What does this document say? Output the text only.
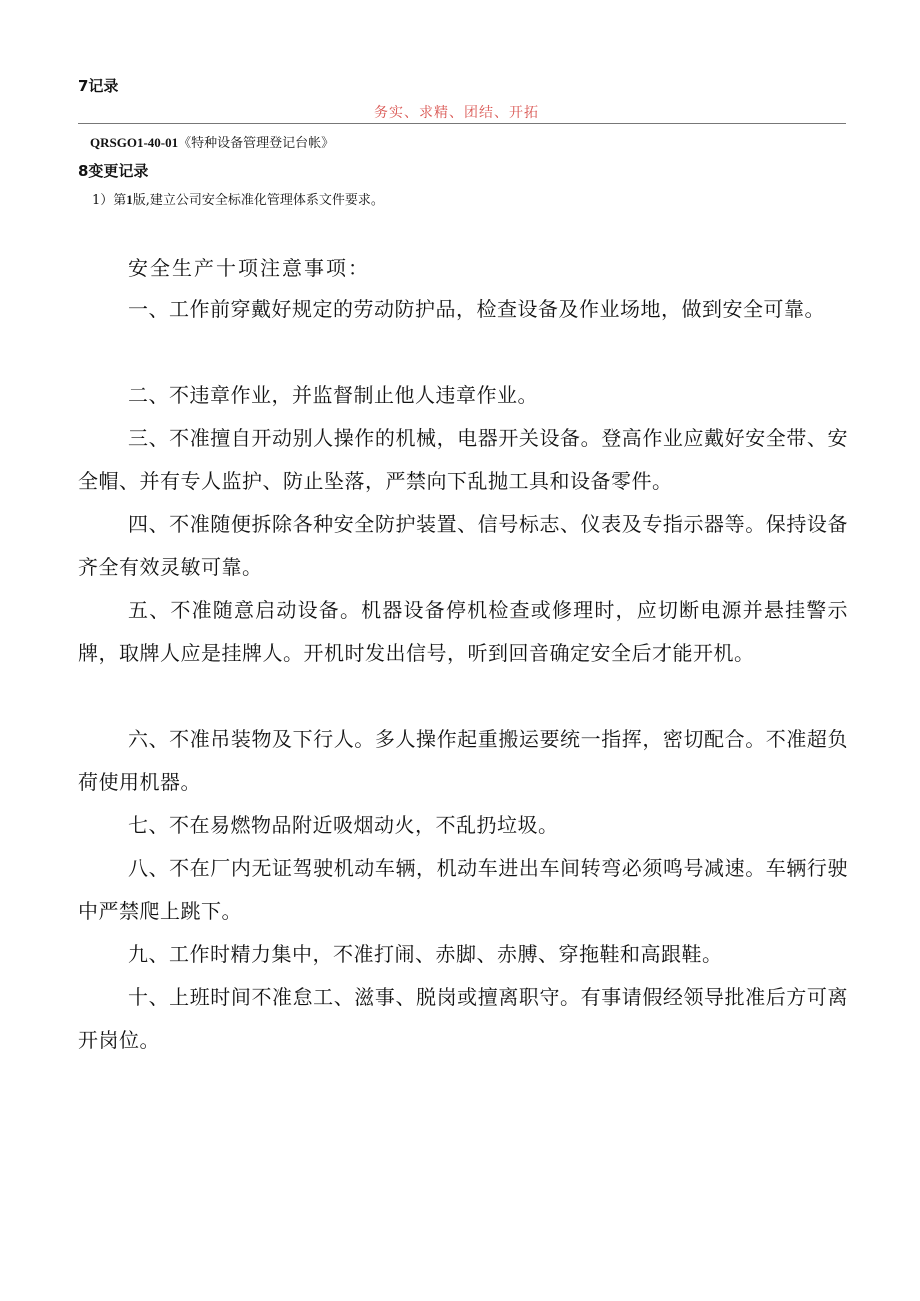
7记录
务实、求精、团结、开拓
QRSGO1-40-01《特种设备管理登记台帐》
8变更记录
1）第1版,建立公司安全标准化管理体系文件要求。
安全生产十项注意事项：
一、工作前穿戴好规定的劳动防护品，检查设备及作业场地，做到安全可靠。
二、不违章作业，并监督制止他人违章作业。
三、不准擅自开动别人操作的机械，电器开关设备。登高作业应戴好安全带、安全帽、并有专人监护、防止坠落，严禁向下乱抛工具和设备零件。
四、不准随便拆除各种安全防护装置、信号标志、仪表及专指示器等。保持设备齐全有效灵敏可靠。
五、不准随意启动设备。机器设备停机检查或修理时，应切断电源并悬挂警示牌，取牌人应是挂牌人。开机时发出信号，听到回音确定安全后才能开机。
六、不准吊装物及下行人。多人操作起重搬运要统一指挥，密切配合。不准超负荷使用机器。
七、不在易燃物品附近吸烟动火，不乱扔垃圾。
八、不在厂内无证驾驶机动车辆，机动车进出车间转弯必须鸣号减速。车辆行驶中严禁爬上跳下。
九、工作时精力集中，不准打闹、赤脚、赤膊、穿拖鞋和高跟鞋。
十、上班时间不准怠工、滋事、脱岗或擅离职守。有事请假经领导批准后方可离开岗位。
